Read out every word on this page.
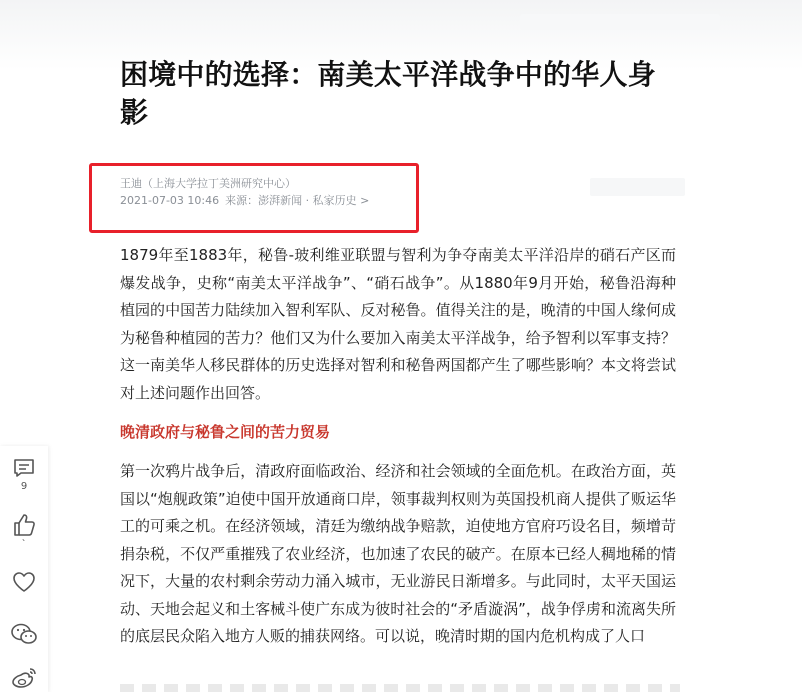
困境中的选择：南美太平洋战争中的华人身影
王迪（上海大学拉丁美洲研究中心）
2021-07-03 10:46 来源：澎湃新闻 · 私家历史 >

1879年至1883年，秘鲁-玻利维亚联盟与智利为争夺南美太平洋沿岸的硝石产区而爆发战争，史称“南美太平洋战争”、“硝石战争”。从1880年9月开始，秘鲁沿海种植园的中国苦力陆续加入智利军队、反对秘鲁。值得关注的是，晚清的中国人缘何成为秘鲁种植园的苦力？他们又为什么要加入南美太平洋战争，给予智利以军事支持？这一南美华人移民群体的历史选择对智利和秘鲁两国都产生了哪些影响？本文将尝试对上述问题作出回答。

晚清政府与秘鲁之间的苦力贸易

第一次鸦片战争后，清政府面临政治、经济和社会领域的全面危机。在政治方面，英国以“炮舰政策”迫使中国开放通商口岸，领事裁判权则为英国投机商人提供了贩运华工的可乘之机。在经济领域，清廷为缴纳战争赔款，迫使地方官府巧设名目，频增苛捐杂税，不仅严重摧残了农业经济，也加速了农民的破产。在原本已经人稠地稀的情况下，大量的农村剩余劳动力涌入城市，无业游民日渐增多。与此同时，太平天国运动、天地会起义和土客械斗使广东成为彼时社会的“矛盾漩涡”，战争俘虏和流离失所的底层民众陷入地方人贩的捕获网络。可以说，晚清时期的国内危机构成了人口

9
`
